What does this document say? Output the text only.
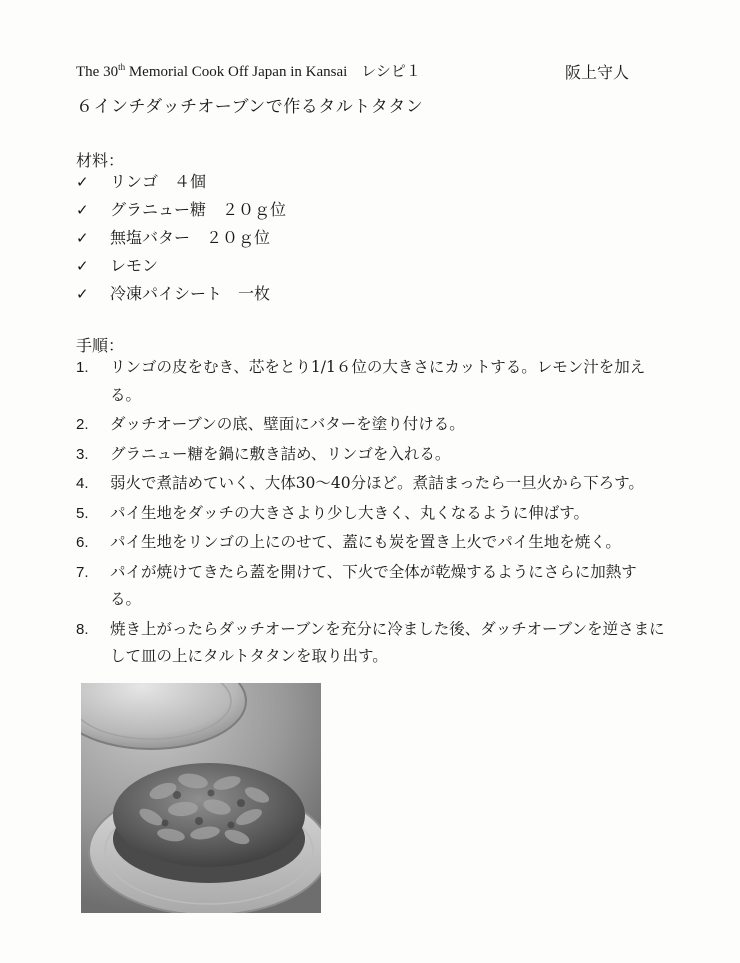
The 30th Memorial Cook Off Japan in Kansai レシピ１	阪上守人
６インチダッチオーブンで作るタルトタタン
材料：
✓ リンゴ　４個
✓ グラニュー糖　２０ｇ位
✓ 無塩バター　２０ｇ位
✓ レモン
✓ 冷凍パイシート　一枚
手順：
1. リンゴの皮をむき、芯をとり1/1６位の大きさにカットする。レモン汁を加える。
2. ダッチオーブンの底、壁面にバターを塗り付ける。
3. グラニュー糖を鍋に敷き詰め、リンゴを入れる。
4. 弱火で煮詰めていく、大体30～40分ほど。煮詰まったら一旦火から下ろす。
5. パイ生地をダッチの大きさより少し大きく、丸くなるように伸ばす。
6. パイ生地をリンゴの上にのせて、蓋にも炭を置き上火でパイ生地を焼く。
7. パイが焼けてきたら蓋を開けて、下火で全体が乾燥するようにさらに加熱する。
8. 焼き上がったらダッチオーブンを充分に冷ました後、ダッチオーブンを逆さまにして皿の上にタルトタタンを取り出す。
